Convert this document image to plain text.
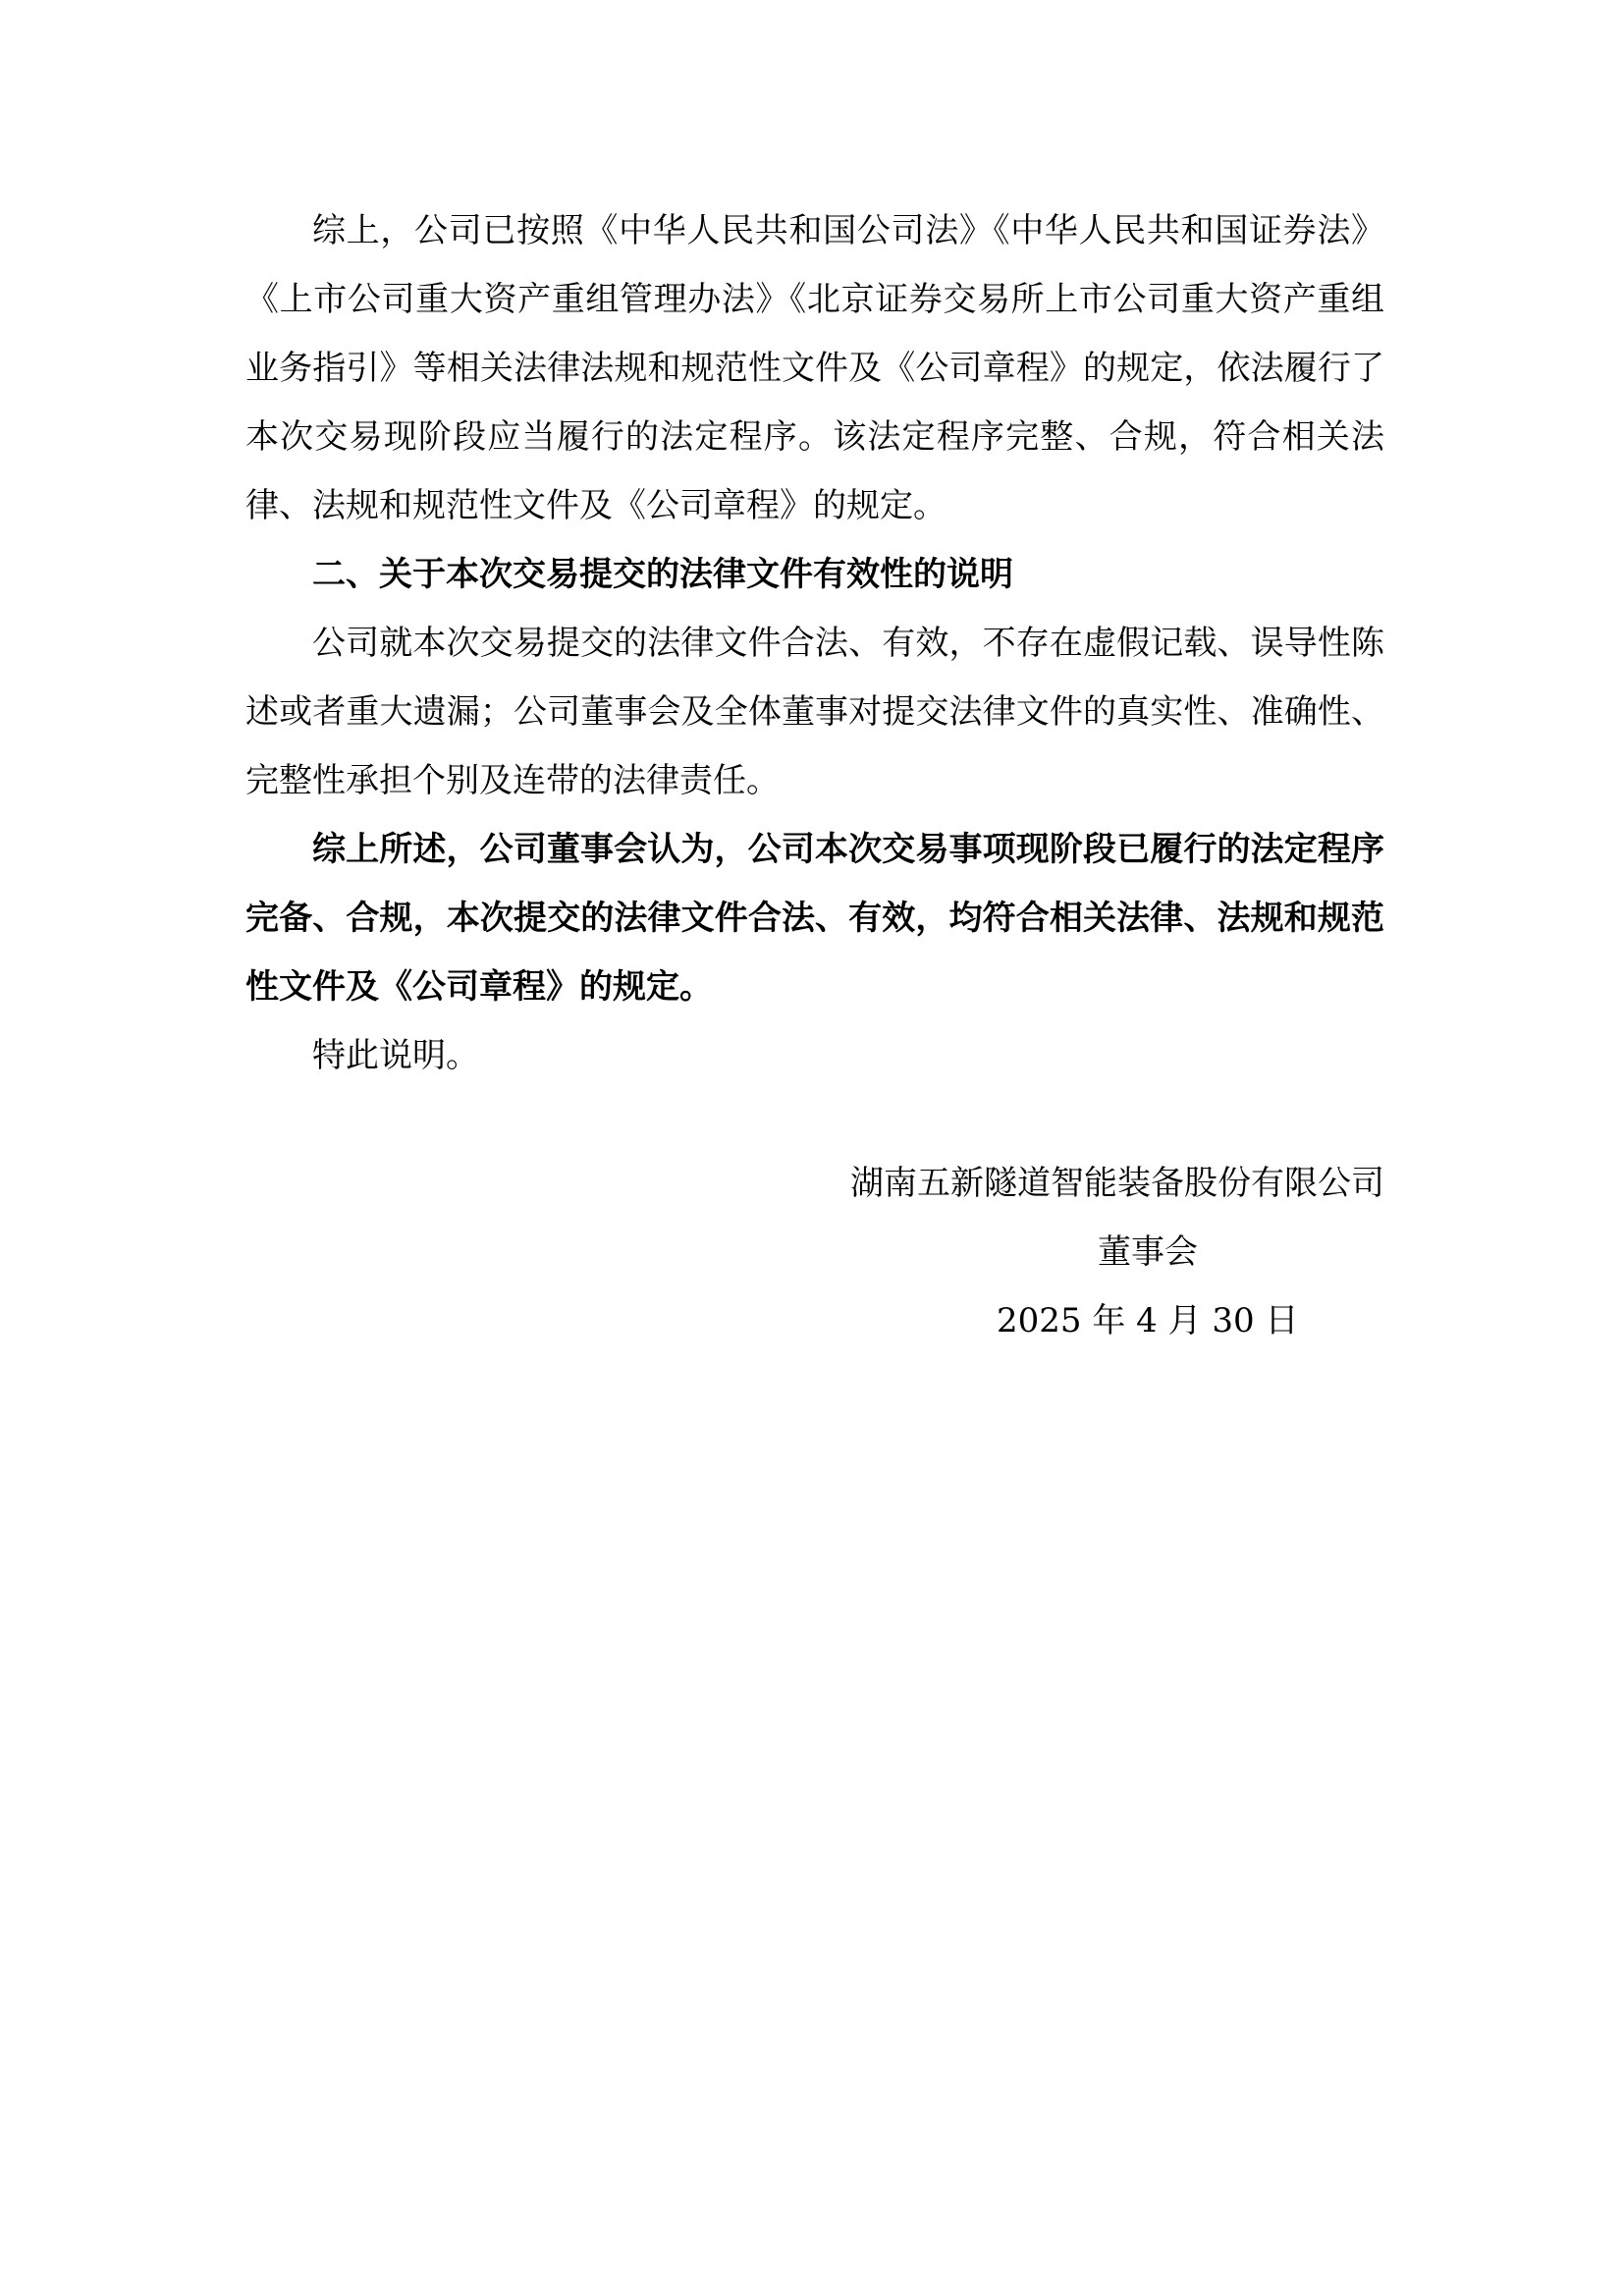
综上，公司已按照《中华人民共和国公司法》《中华人民共和国证券法》《上市公司重大资产重组管理办法》《北京证券交易所上市公司重大资产重组业务指引》等相关法律法规和规范性文件及《公司章程》的规定，依法履行了本次交易现阶段应当履行的法定程序。该法定程序完整、合规，符合相关法律、法规和规范性文件及《公司章程》的规定。

二、关于本次交易提交的法律文件有效性的说明

公司就本次交易提交的法律文件合法、有效，不存在虚假记载、误导性陈述或者重大遗漏；公司董事会及全体董事对提交法律文件的真实性、准确性、完整性承担个别及连带的法律责任。

综上所述，公司董事会认为，公司本次交易事项现阶段已履行的法定程序完备、合规，本次提交的法律文件合法、有效，均符合相关法律、法规和规范性文件及《公司章程》的规定。

特此说明。

湖南五新隧道智能装备股份有限公司

董事会

2025 年 4 月 30 日
